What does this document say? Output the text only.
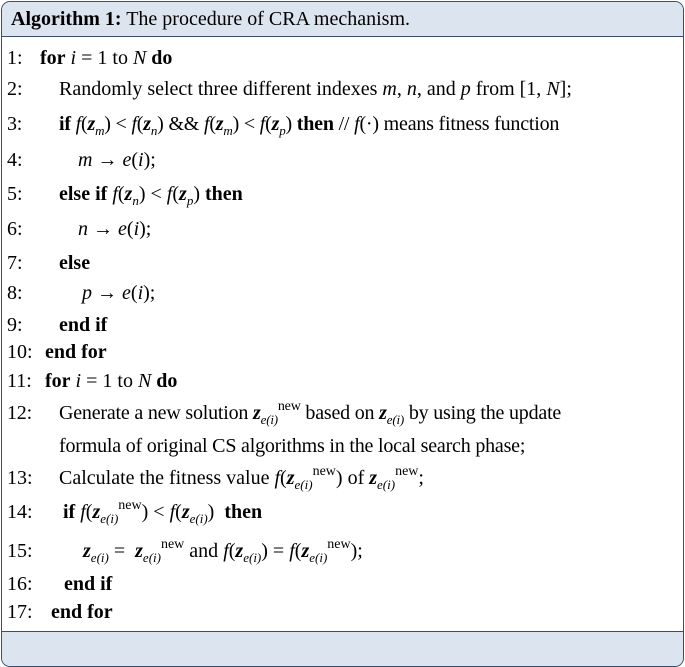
Algorithm 1: The procedure of CRA mechanism.
1: for i = 1 to N do
2: Randomly select three different indexes m, n, and p from [1, N];
3: if $f(z_m) < f(z_n)$ && $f(z_m) < f(z_p)$ then // f(·) means fitness function
4:	m → e(i);
5: else if $f(z_n) < f(z_p)$ then
6:	n → e(i);
7: else
8:	p → e(i);
9: end if
10: end for
11: for i = 1 to N do
12: Generate a new solution $z_{e(i)}^{new}$ based on $z_{e(i)}$ by using the update
formula of original CS algorithms in the local search phase;
13: Calculate the fitness value $f(z_{e(i)}^{new})$ of $z_{e(i)}^{new}$;
14: if $f(z_{e(i)}^{new}) < f(z_{e(i)})$  then
15:	$z_{e(i)} = z_{e(i)}^{new}$ and $f(z_{e(i)}) = f(z_{e(i)}^{new})$;
16: end if
17: end for
